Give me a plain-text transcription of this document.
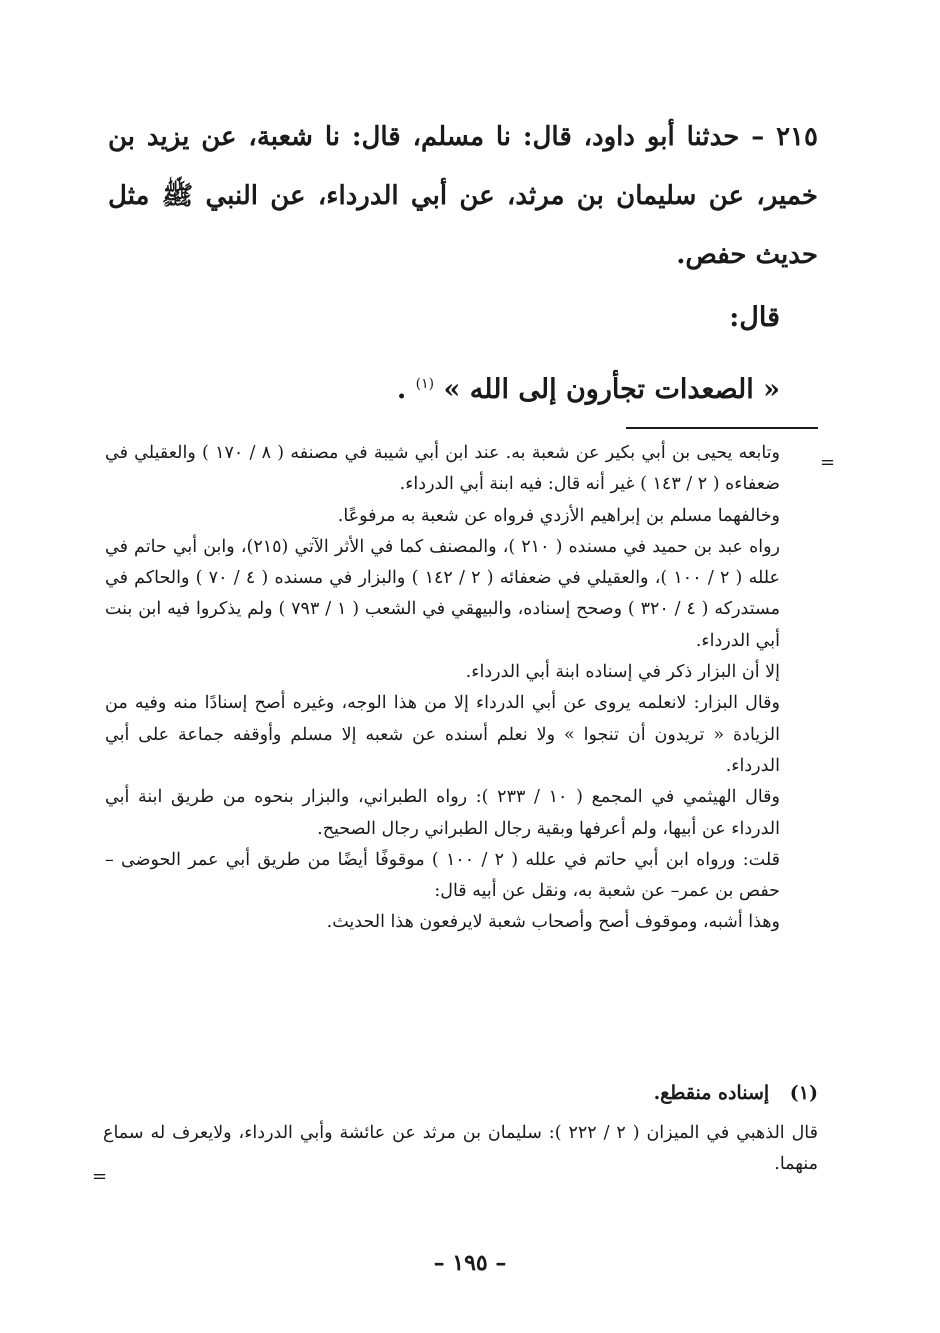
٢١٥ – حدثنا أبو داود، قال: نا مسلم، قال: نا شعبة، عن يزيد بن خمير، عن سليمان بن مرثد، عن أبي الدرداء، عن النبي ﷺ مثل حديث حفص.

قال:
« الصعدات تجأرون إلى الله » $^{(١)}$ .
=

وتابعه يحيى بن أبي بكير عن شعبة به. عند ابن أبي شيبة في مصنفه ( ٨ / ١٧٠ ) والعقيلي في ضعفاءه ( ٢ / ١٤٣ ) غير أنه قال: فيه ابنة أبي الدرداء.

وخالفهما مسلم بن إبراهيم الأزدي فرواه عن شعبة به مرفوعًا.

رواه عبد بن حميد في مسنده ( ٢١٠ )، والمصنف كما في الأثر الآتي (٢١٥)، وابن أبي حاتم في علله ( ٢ / ١٠٠ )، والعقيلي في ضعفائه ( ٢ / ١٤٢ ) والبزار في مسنده ( ٤ / ٧٠ ) والحاكم في مستدركه ( ٤ / ٣٢٠ ) وصحح إسناده، والبيهقي في الشعب ( ١ / ٧٩٣ ) ولم يذكروا فيه ابن بنت أبي الدرداء.

إلا أن البزار ذكر في إسناده ابنة أبي الدرداء.

وقال البزار: لانعلمه يروى عن أبي الدرداء إلا من هذا الوجه، وغيره أصح إسنادًا منه وفيه من الزيادة « تريدون أن تنجوا » ولا نعلم أسنده عن شعبه إلا مسلم وأوقفه جماعة على أبي الدرداء.

وقال الهيثمي في المجمع ( ١٠ / ٢٣٣ ): رواه الطبراني، والبزار بنحوه من طريق ابنة أبي الدرداء عن أبيها، ولم أعرفها وبقية رجال الطبراني رجال الصحيح.

قلت: ورواه ابن أبي حاتم في علله ( ٢ / ١٠٠ ) موقوفًا أيضًا من طريق أبي عمر الحوضى – حفص بن عمر– عن شعبة به، ونقل عن أبيه قال:

وهذا أشبه، وموقوف أصح وأصحاب شعبة لايرفعون هذا الحديث.

(١) إسناده منقطع.

قال الذهبي في الميزان ( ٢ / ٢٢٢ ): سليمان بن مرثد عن عائشة وأبي الدرداء، ولايعرف له سماع منهما.

=
– ١٩٥ –
